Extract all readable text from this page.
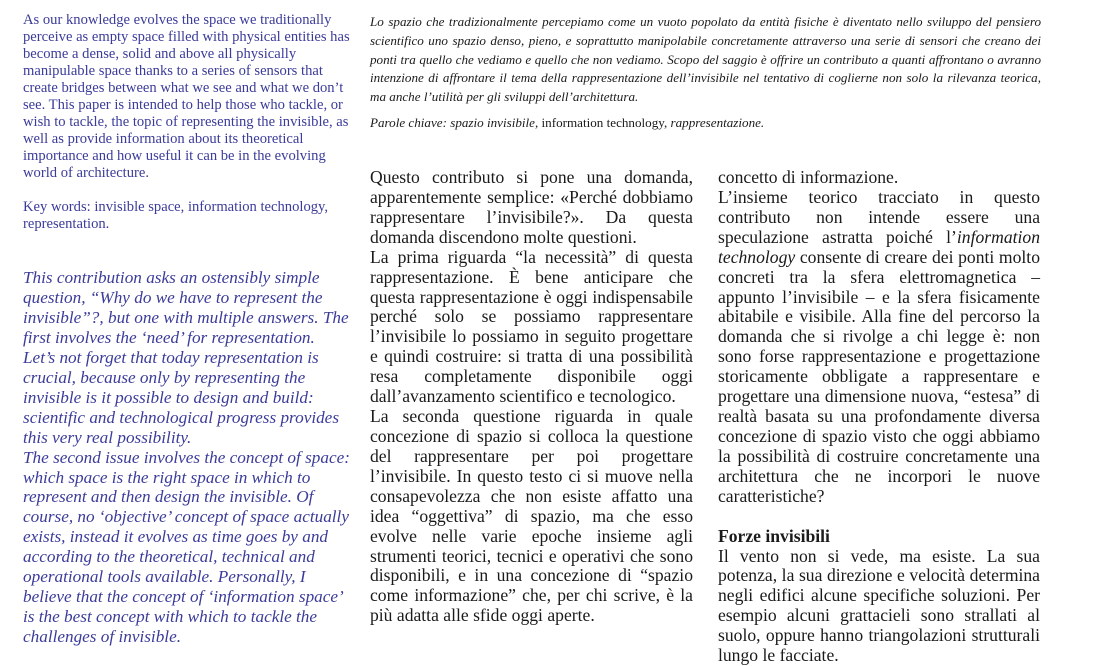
As our knowledge evolves the space we traditionally perceive as empty space filled with physical entities has become a dense, solid and above all physically manipulable space thanks to a series of sensors that create bridges between what we see and what we don’t see. This paper is intended to help those who tackle, or wish to tackle, the topic of representing the invisible, as well as provide information about its theoretical importance and how useful it can be in the evolving world of architecture.

Key words: invisible space, information technology, representation.

This contribution asks an ostensibly simple question, “Why do we have to represent the invisible”?, but one with multiple answers. The first involves the ‘need’ for representation. Let’s not forget that today representation is crucial, because only by representing the invisible is it possible to design and build: scientific and technological progress provides this very real possibility.

The second issue involves the concept of space: which space is the right space in which to represent and then design the invisible. Of course, no ‘objective’ concept of space actually exists, instead it evolves as time goes by and according to the theoretical, technical and operational tools available. Personally, I believe that the concept of ‘information space’ is the best concept with which to tackle the challenges of invisible.

Lo spazio che tradizionalmente percepiamo come un vuoto popolato da entità fisiche è diventato nello sviluppo del pensiero scientifico uno spazio denso, pieno, e soprattutto manipolabile concretamente attraverso una serie di sensori che creano dei ponti tra quello che vediamo e quello che non vediamo. Scopo del saggio è offrire un contributo a quanti affrontano o avranno intenzione di affrontare il tema della rappresentazione dell’invisibile nel tentativo di coglierne non solo la rilevanza teorica, ma anche l’utilità per gli sviluppi dell’architettura.
Parole chiave: spazio invisibile, information technology, rappresentazione.

Questo contributo si pone una domanda, apparentemente semplice: «Perché dobbiamo rappresentare l’invisibile?». Da questa domanda discendono molte questioni.

La prima riguarda “la necessità” di questa rappresentazione. È bene anticipare che questa rappresentazione è oggi indispensabile perché solo se possiamo rappresentare l’invisibile lo possiamo in seguito progettare e quindi costruire: si tratta di una possibilità resa completamente disponibile oggi dall’avanzamento scientifico e tecnologico.

La seconda questione riguarda in quale concezione di spazio si colloca la questione del rappresentare per poi progettare l’invisibile. In questo testo ci si muove nella consapevolezza che non esiste affatto una idea “oggettiva” di spazio, ma che esso evolve nelle varie epoche insieme agli strumenti teorici, tecnici e operativi che sono disponibili, e in una concezione di “spazio come informazione” che, per chi scrive, è la più adatta alle sfide oggi aperte.

concetto di informazione.

L’insieme teorico tracciato in questo contributo non intende essere una speculazione astratta poiché l’information technology consente di creare dei ponti molto concreti tra la sfera elettromagnetica – appunto l’invisibile – e la sfera fisicamente abitabile e visibile. Alla fine del percorso la domanda che si rivolge a chi legge è: non sono forse rappresentazione e progettazione storicamente obbligate a rappresentare e progettare una dimensione nuova, “estesa” di realtà basata su una profondamente diversa concezione di spazio visto che oggi abbiamo la possibilità di costruire concretamente una architettura che ne incorpori le nuove caratteristiche?

Forze invisibili

Il vento non si vede, ma esiste. La sua potenza, la sua direzione e velocità determina negli edifici alcune specifiche soluzioni. Per esempio alcuni grattacieli sono strallati al suolo, oppure hanno triangolazioni strutturali lungo le facciate.
